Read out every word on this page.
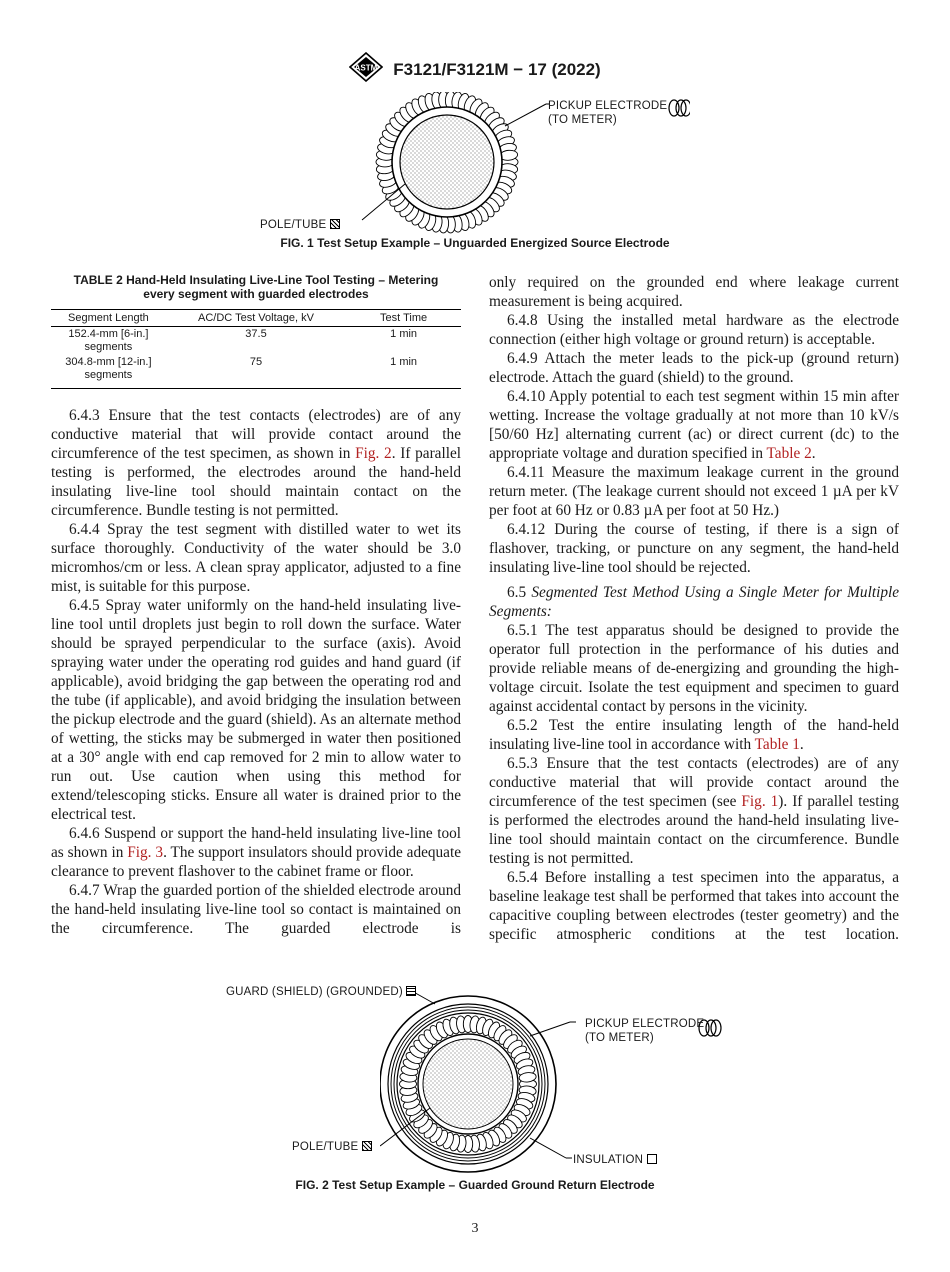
ASTM F3121/F3121M − 17 (2022)
PICKUP ELECTRODE
(TO METER)
POLE/TUBE
FIG. 1 Test Setup Example – Unguarded Energized Source Electrode
TABLE 2 Hand-Held Insulating Live-Line Tool Testing – Metering
every segment with guarded electrodes
Segment Length	AC/DC Test Voltage, kV	Test Time

152.4-mm [6-in.]
segments	37.5	1 min

304.8-mm [12-in.]
segments	75	1 min

6.4.3 Ensure that the test contacts (electrodes) are of any conductive material that will provide contact around the circumference of the test specimen, as shown in Fig. 2. If parallel testing is performed, the electrodes around the hand-held insulating live-line tool should maintain contact on the circumference. Bundle testing is not permitted.

6.4.4 Spray the test segment with distilled water to wet its surface thoroughly. Conductivity of the water should be 3.0 micromhos/cm or less. A clean spray applicator, adjusted to a fine mist, is suitable for this purpose.

6.4.5 Spray water uniformly on the hand-held insulating live-line tool until droplets just begin to roll down the surface. Water should be sprayed perpendicular to the surface (axis). Avoid spraying water under the operating rod guides and hand guard (if applicable), avoid bridging the gap between the operating rod and the tube (if applicable), and avoid bridging the insulation between the pickup electrode and the guard (shield). As an alternate method of wetting, the sticks may be submerged in water then positioned at a 30° angle with end cap removed for 2 min to allow water to run out. Use caution when using this method for extend/telescoping sticks. Ensure all water is drained prior to the electrical test.

6.4.6 Suspend or support the hand-held insulating live-line tool as shown in Fig. 3. The support insulators should provide adequate clearance to prevent flashover to the cabinet frame or floor.

6.4.7 Wrap the guarded portion of the shielded electrode around the hand-held insulating live-line tool so contact is maintained on the circumference. The guarded electrode is

only required on the grounded end where leakage current measurement is being acquired.

6.4.8 Using the installed metal hardware as the electrode connection (either high voltage or ground return) is acceptable.

6.4.9 Attach the meter leads to the pick-up (ground return) electrode. Attach the guard (shield) to the ground.

6.4.10 Apply potential to each test segment within 15 min after wetting. Increase the voltage gradually at not more than 10 kV/s [50/60 Hz] alternating current (ac) or direct current (dc) to the appropriate voltage and duration specified in Table 2.

6.4.11 Measure the maximum leakage current in the ground return meter. (The leakage current should not exceed 1 µA per kV per foot at 60 Hz or 0.83 µA per foot at 50 Hz.)

6.4.12 During the course of testing, if there is a sign of flashover, tracking, or puncture on any segment, the hand-held insulating live-line tool should be rejected.

6.5 Segmented Test Method Using a Single Meter for Multiple Segments:

6.5.1 The test apparatus should be designed to provide the operator full protection in the performance of his duties and provide reliable means of de-energizing and grounding the high-voltage circuit. Isolate the test equipment and specimen to guard against accidental contact by persons in the vicinity.

6.5.2 Test the entire insulating length of the hand-held insulating live-line tool in accordance with Table 1.

6.5.3 Ensure that the test contacts (electrodes) are of any conductive material that will provide contact around the circumference of the test specimen (see Fig. 1). If parallel testing is performed the electrodes around the hand-held insulating live-line tool should maintain contact on the circumference. Bundle testing is not permitted.

6.5.4 Before installing a test specimen into the apparatus, a baseline leakage test shall be performed that takes into account the capacitive coupling between electrodes (tester geometry) and the specific atmospheric conditions at the test location.

GUARD (SHIELD) (GROUNDED)
PICKUP ELECTRODE
(TO METER)
POLE/TUBE
INSULATION
FIG. 2 Test Setup Example – Guarded Ground Return Electrode
3
